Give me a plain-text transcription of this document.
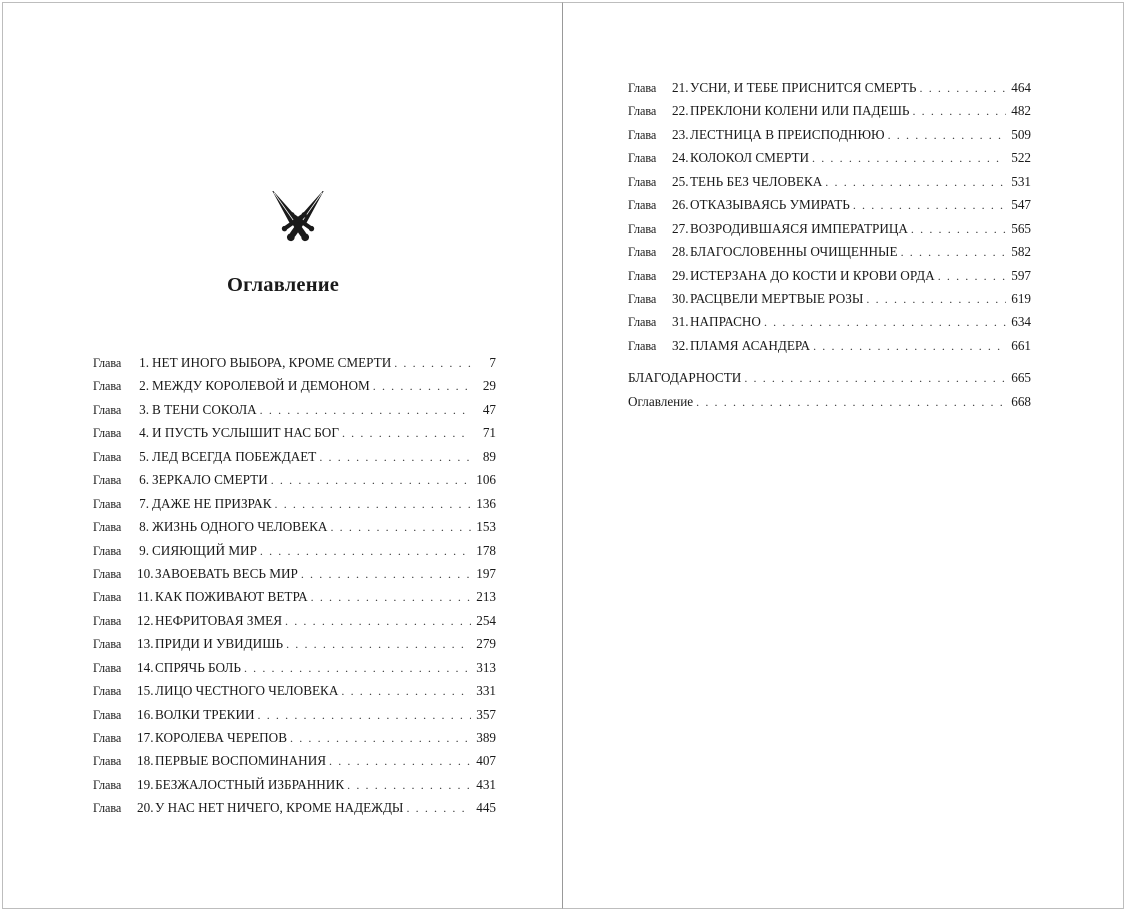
Оглавление
Глава	1. НЕТ ИНОГО ВЫБОРА, КРОМЕ СМЕРТИ . . .	7
Глава	2. МЕЖДУ КОРОЛЕВОЙ И ДЕМОНОМ . . .	29
Глава	3. В ТЕНИ СОКОЛА . . .	47
Глава	4. И ПУСТЬ УСЛЫШИТ НАС БОГ . . .	71
Глава	5. ЛЕД ВСЕГДА ПОБЕЖДАЕТ . . .	89
Глава	6. ЗЕРКАЛО СМЕРТИ . . .	106
Глава	7. ДАЖЕ НЕ ПРИЗРАК . . .	136
Глава	8. ЖИЗНЬ ОДНОГО ЧЕЛОВЕКА . . .	153
Глава	9. СИЯЮЩИЙ МИР . . .	178
Глава	10. ЗАВОЕВАТЬ ВЕСЬ МИР . . .	197
Глава	11. КАК ПОЖИВАЮТ ВЕТРА . . .	213
Глава	12. НЕФРИТОВАЯ ЗМЕЯ . . .	254
Глава	13. ПРИДИ И УВИДИШЬ . . .	279
Глава	14. СПРЯЧЬ БОЛЬ . . .	313
Глава	15. ЛИЦО ЧЕСТНОГО ЧЕЛОВЕКА . . .	331
Глава	16. ВОЛКИ ТРЕКИИ . . .	357
Глава	17. КОРОЛЕВА ЧЕРЕПОВ . . .	389
Глава	18. ПЕРВЫЕ ВОСПОМИНАНИЯ . . .	407
Глава	19. БЕЗЖАЛОСТНЫЙ ИЗБРАННИК . . .	431
Глава	20. У НАС НЕТ НИЧЕГО, КРОМЕ НАДЕЖДЫ . . .	445
Глава	21. УСНИ, И ТЕБЕ ПРИСНИТСЯ СМЕРТЬ . . .	464
Глава	22. ПРЕКЛОНИ КОЛЕНИ ИЛИ ПАДЕШЬ . . .	482
Глава	23. ЛЕСТНИЦА В ПРЕИСПОДНЮЮ . . .	509
Глава	24. КОЛОКОЛ СМЕРТИ . . .	522
Глава	25. ТЕНЬ БЕЗ ЧЕЛОВЕКА . . .	531
Глава	26. ОТКАЗЫВАЯСЬ УМИРАТЬ . . .	547
Глава	27. ВОЗРОДИВШАЯСЯ ИМПЕРАТРИЦА . . .	565
Глава	28. БЛАГОСЛОВЕННЫ ОЧИЩЕННЫЕ . . .	582
Глава	29. ИСТЕРЗАНА ДО КОСТИ И КРОВИ ОРДА . . .	597
Глава	30. РАСЦВЕЛИ МЕРТВЫЕ РОЗЫ . . .	619
Глава	31. НАПРАСНО . . .	634
Глава	32. ПЛАМЯ АСАНДЕРА . . .	661
БЛАГОДАРНОСТИ . . .	665
Оглавление . . .	668
